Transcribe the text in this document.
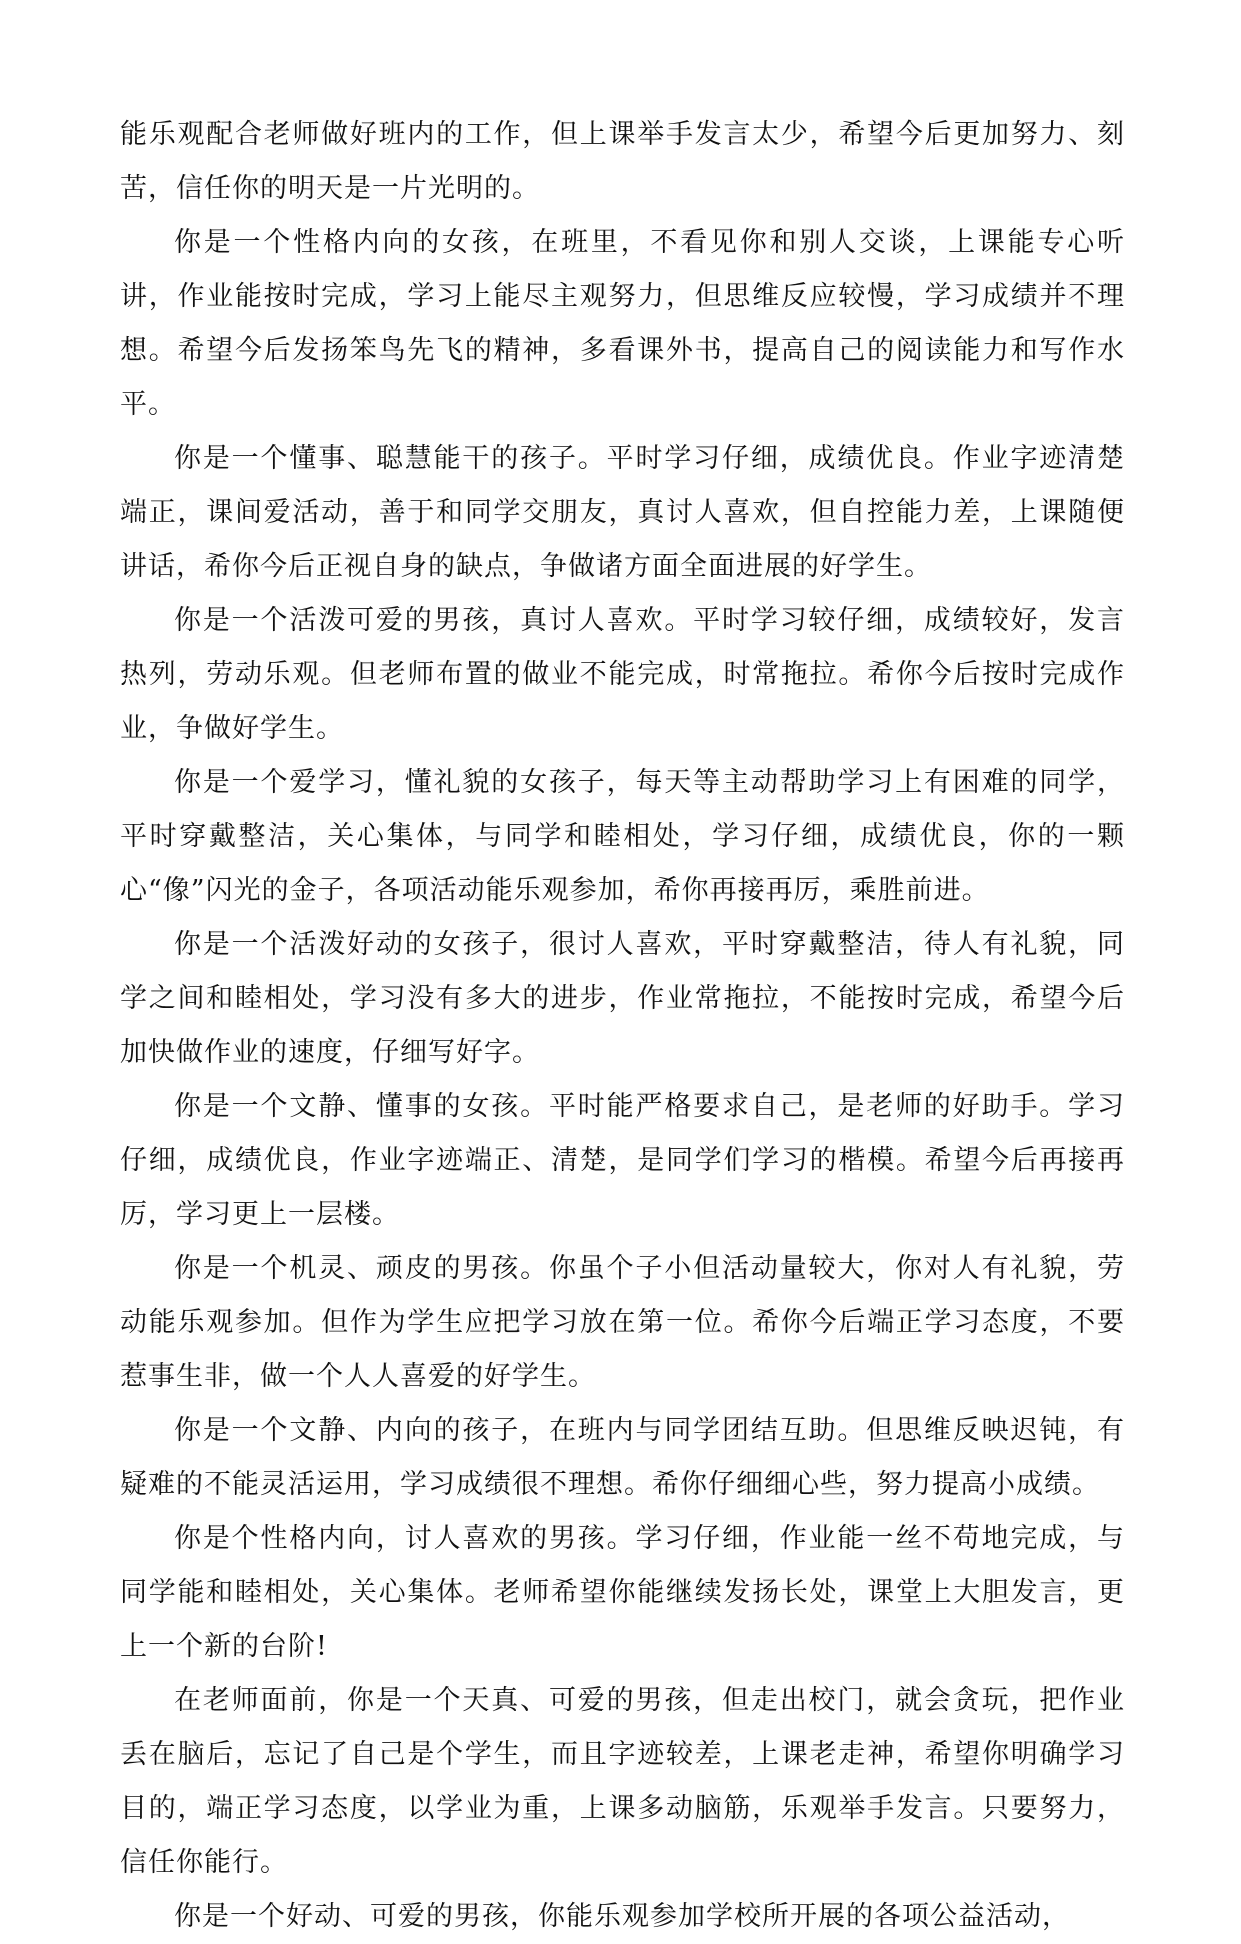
能乐观配合老师做好班内的工作，但上课举手发言太少，希望今后更加努力、刻苦，信任你的明天是一片光明的。

你是一个性格内向的女孩，在班里，不看见你和别人交谈，上课能专心听讲，作业能按时完成，学习上能尽主观努力，但思维反应较慢，学习成绩并不理想。希望今后发扬笨鸟先飞的精神，多看课外书，提高自己的阅读能力和写作水平。

你是一个懂事、聪慧能干的孩子。平时学习仔细，成绩优良。作业字迹清楚端正，课间爱活动，善于和同学交朋友，真讨人喜欢，但自控能力差，上课随便讲话，希你今后正视自身的缺点，争做诸方面全面进展的好学生。

你是一个活泼可爱的男孩，真讨人喜欢。平时学习较仔细，成绩较好，发言热列，劳动乐观。但老师布置的做业不能完成，时常拖拉。希你今后按时完成作业，争做好学生。

你是一个爱学习，懂礼貌的女孩子，每天等主动帮助学习上有困难的同学，平时穿戴整洁，关心集体，与同学和睦相处，学习仔细，成绩优良，你的一颗心“像”闪光的金子，各项活动能乐观参加，希你再接再厉，乘胜前进。

你是一个活泼好动的女孩子，很讨人喜欢，平时穿戴整洁，待人有礼貌，同学之间和睦相处，学习没有多大的进步，作业常拖拉，不能按时完成，希望今后加快做作业的速度，仔细写好字。

你是一个文静、懂事的女孩。平时能严格要求自己，是老师的好助手。学习仔细，成绩优良，作业字迹端正、清楚，是同学们学习的楷模。希望今后再接再厉，学习更上一层楼。

你是一个机灵、顽皮的男孩。你虽个子小但活动量较大，你对人有礼貌，劳动能乐观参加。但作为学生应把学习放在第一位。希你今后端正学习态度，不要惹事生非，做一个人人喜爱的好学生。

你是一个文静、内向的孩子，在班内与同学团结互助。但思维反映迟钝，有疑难的不能灵活运用，学习成绩很不理想。希你仔细细心些，努力提高小成绩。

你是个性格内向，讨人喜欢的男孩。学习仔细，作业能一丝不苟地完成，与同学能和睦相处，关心集体。老师希望你能继续发扬长处，课堂上大胆发言，更上一个新的台阶!

在老师面前，你是一个天真、可爱的男孩，但走出校门，就会贪玩，把作业丢在脑后，忘记了自己是个学生，而且字迹较差，上课老走神，希望你明确学习目的，端正学习态度，以学业为重，上课多动脑筋，乐观举手发言。只要努力，信任你能行。

你是一个好动、可爱的男孩，你能乐观参加学校所开展的各项公益活动，
